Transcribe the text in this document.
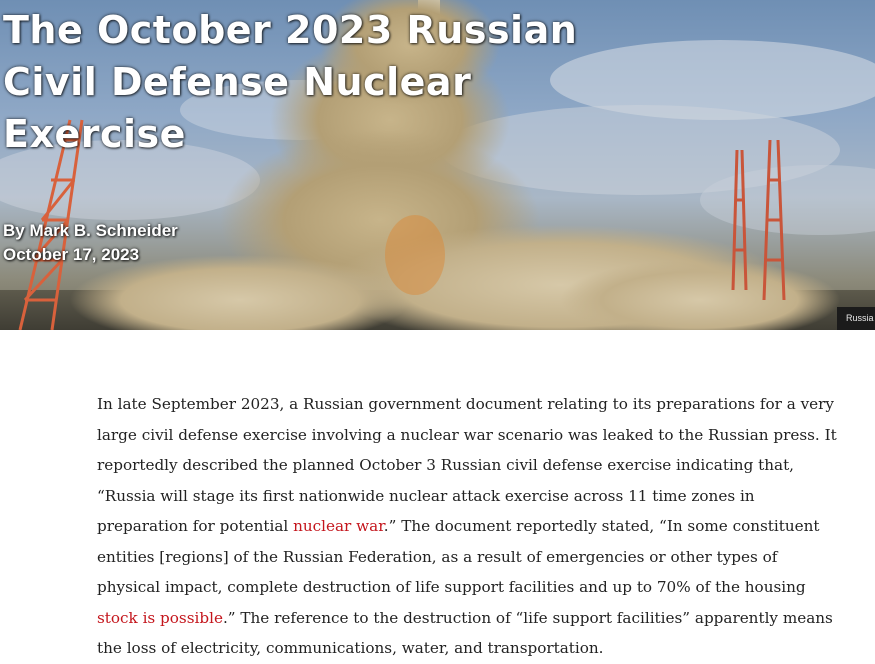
The October 2023 Russian Civil Defense Nuclear Exercise
By Mark B. Schneider
October 17, 2023
Russia

In late September 2023, a Russian government document relating to its preparations for a very large civil defense exercise involving a nuclear war scenario was leaked to the Russian press. It reportedly described the planned October 3 Russian civil defense exercise indicating that, “Russia will stage its first nationwide nuclear attack exercise across 11 time zones in preparation for potential nuclear war.” The document reportedly stated, “In some constituent entities [regions] of the Russian Federation, as a result of emergencies or other types of physical impact, complete destruction of life support facilities and up to 70% of the housing stock is possible.” The reference to the destruction of “life support facilities” apparently means the loss of electricity, communications, water, and transportation.
